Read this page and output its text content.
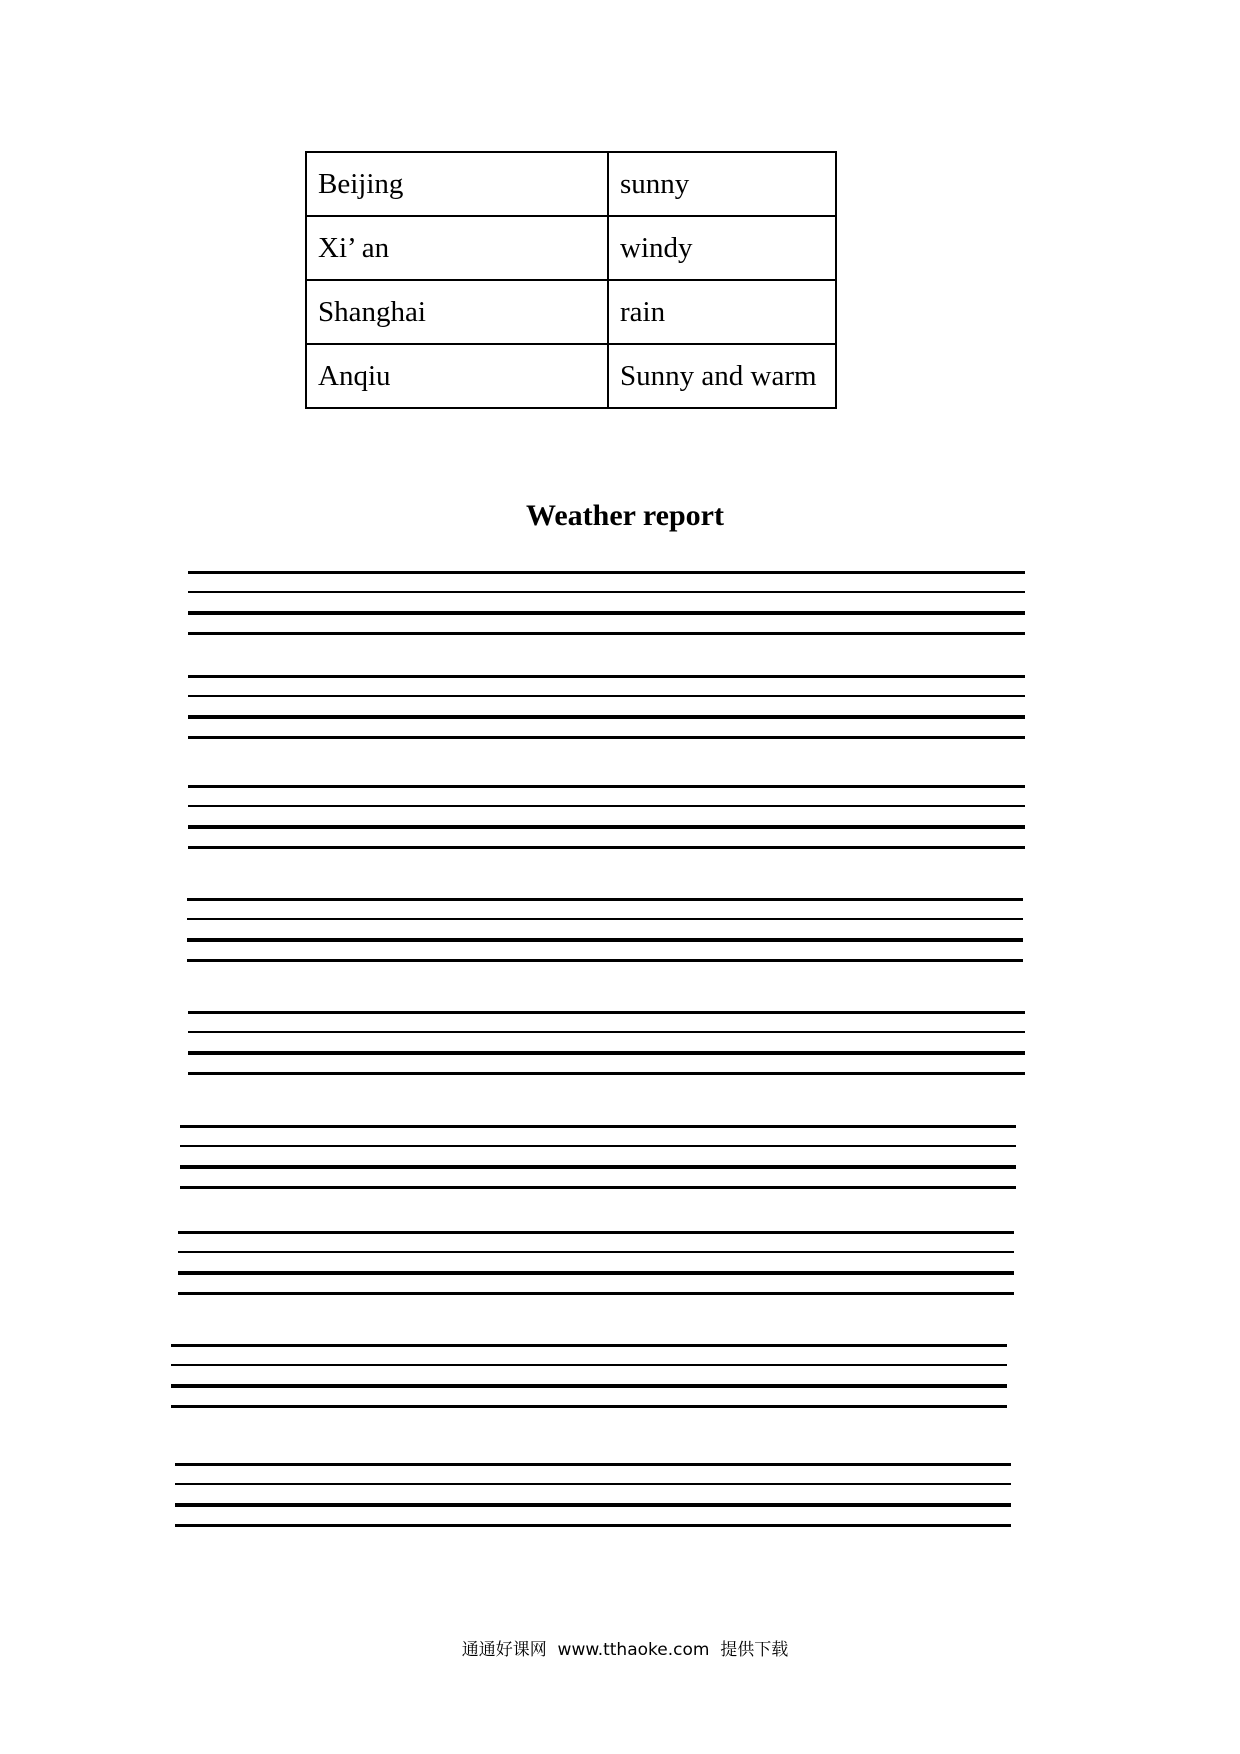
Beijing	sunny
Xi’ an	windy
Shanghai	rain
Anqiu	Sunny and warm
Weather report
通通好课网  www.tthaoke.com  提供下载
